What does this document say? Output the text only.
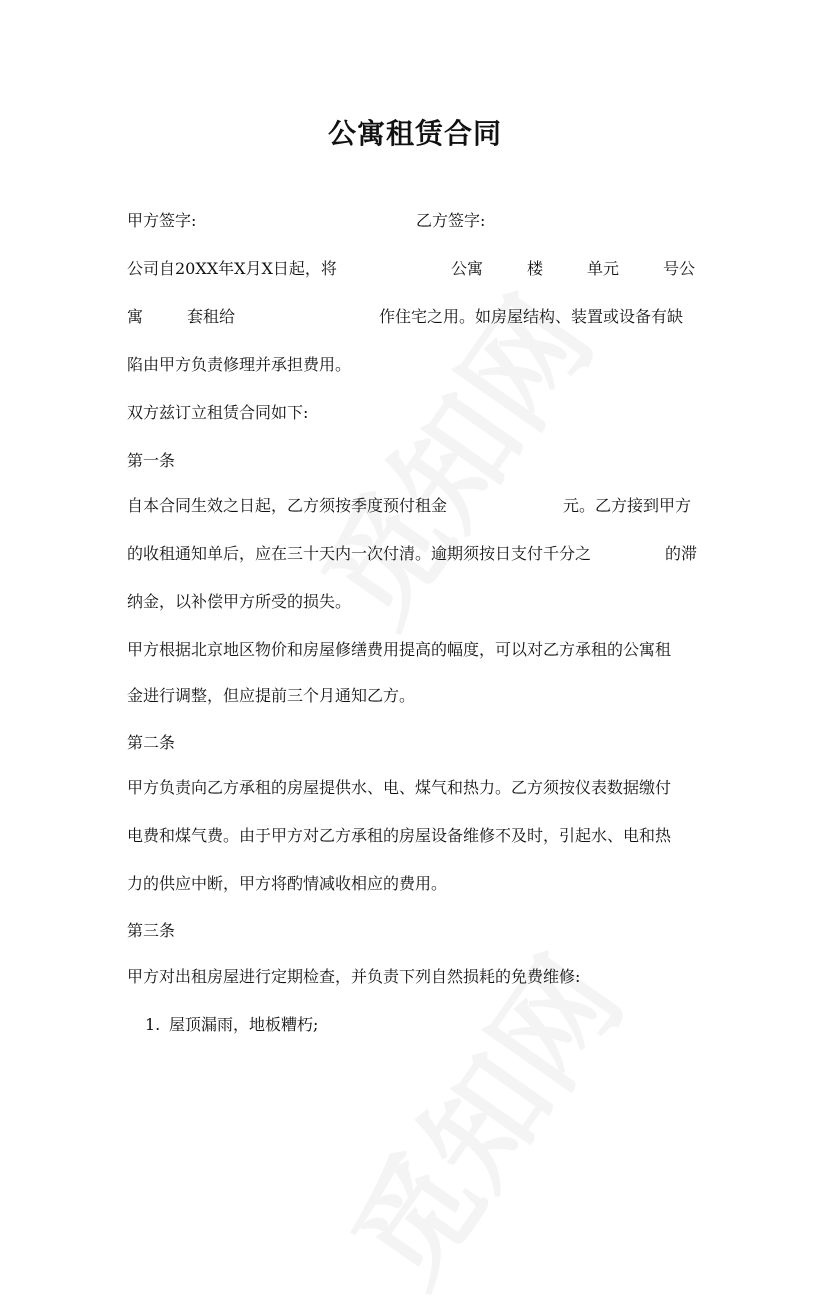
公寓租赁合同
甲方签字:	乙方签字:
公司自20XX年X月X日起，将	公寓	楼	单元	号公
寓	套租给	作住宅之用。如房屋结构、装置或设备有缺
陷由甲方负责修理并承担费用。
双方兹订立租赁合同如下:
第一条
自本合同生效之日起，乙方须按季度预付租金	元。乙方接到甲方
的收租通知单后，应在三十天内一次付清。逾期须按日支付千分之	的滞
纳金，以补偿甲方所受的损失。
甲方根据北京地区物价和房屋修缮费用提高的幅度，可以对乙方承租的公寓租
金进行调整，但应提前三个月通知乙方。
第二条
甲方负责向乙方承租的房屋提供水、电、煤气和热力。乙方须按仪表数据缴付
电费和煤气费。由于甲方对乙方承租的房屋设备维修不及时，引起水、电和热
力的供应中断，甲方将酌情减收相应的费用。
第三条
甲方对出租房屋进行定期检查，并负责下列自然损耗的免费维修:
1. 屋顶漏雨，地板糟朽;
